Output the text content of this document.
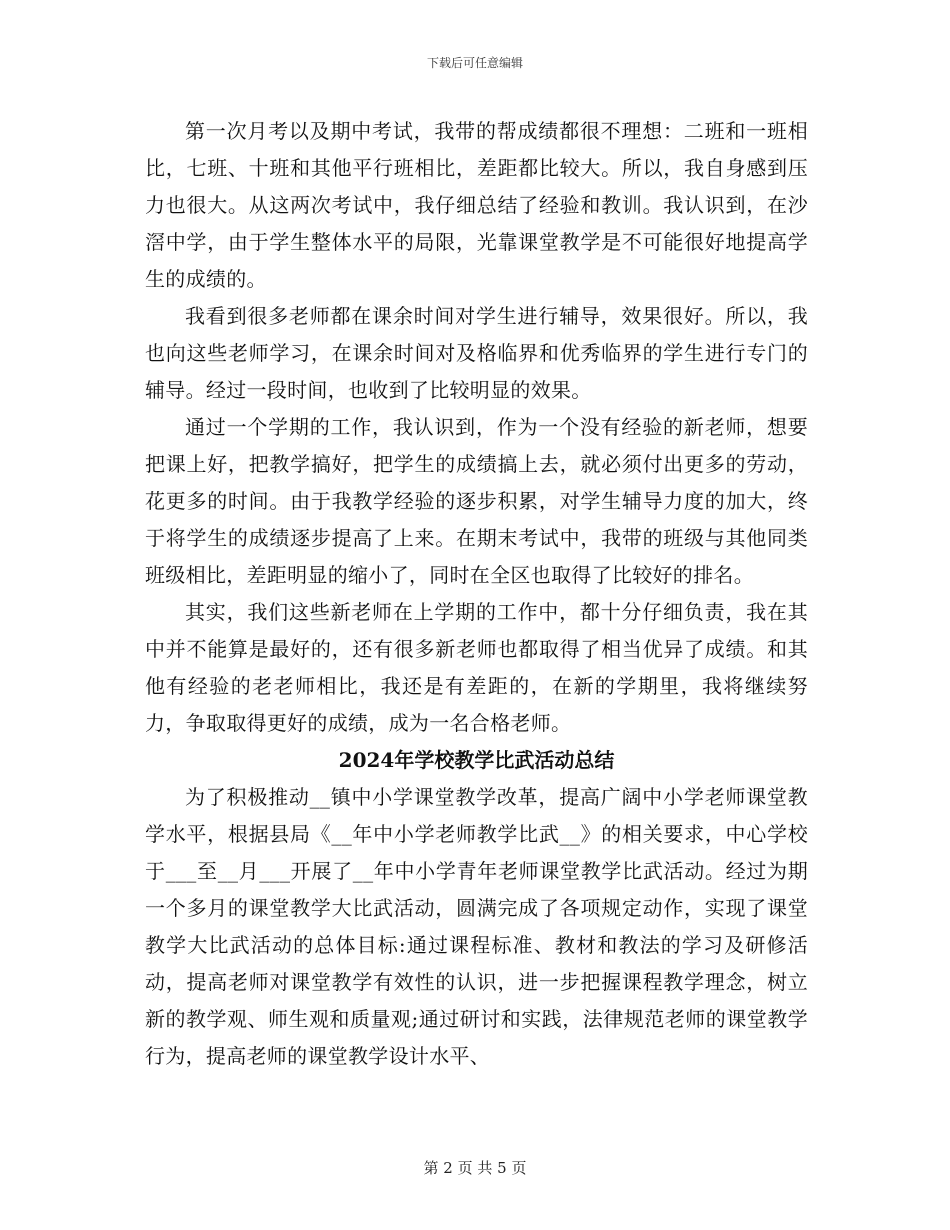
下载后可任意编辑

第一次月考以及期中考试，我带的帮成绩都很不理想：二班和一班相比，七班、十班和其他平行班相比，差距都比较大。所以，我自身感到压力也很大。从这两次考试中，我仔细总结了经验和教训。我认识到，在沙滘中学，由于学生整体水平的局限，光靠课堂教学是不可能很好地提高学生的成绩的。

我看到很多老师都在课余时间对学生进行辅导，效果很好。所以，我也向这些老师学习，在课余时间对及格临界和优秀临界的学生进行专门的辅导。经过一段时间，也收到了比较明显的效果。

通过一个学期的工作，我认识到，作为一个没有经验的新老师，想要把课上好，把教学搞好，把学生的成绩搞上去，就必须付出更多的劳动，花更多的时间。由于我教学经验的逐步积累，对学生辅导力度的加大，终于将学生的成绩逐步提高了上来。在期末考试中，我带的班级与其他同类班级相比，差距明显的缩小了，同时在全区也取得了比较好的排名。

其实，我们这些新老师在上学期的工作中，都十分仔细负责，我在其中并不能算是最好的，还有很多新老师也都取得了相当优异了成绩。和其他有经验的老老师相比，我还是有差距的，在新的学期里，我将继续努力，争取取得更好的成绩，成为一名合格老师。

2024年学校教学比武活动总结

为了积极推动__镇中小学课堂教学改革，提高广阔中小学老师课堂教学水平，根据县局《__年中小学老师教学比武__》的相关要求，中心学校于___至__月___开展了__年中小学青年老师课堂教学比武活动。经过为期一个多月的课堂教学大比武活动，圆满完成了各项规定动作，实现了课堂教学大比武活动的总体目标:通过课程标准、教材和教法的学习及研修活动，提高老师对课堂教学有效性的认识，进一步把握课程教学理念，树立新的教学观、师生观和质量观;通过研讨和实践，法律规范老师的课堂教学行为，提高老师的课堂教学设计水平、

第 2 页 共 5 页
